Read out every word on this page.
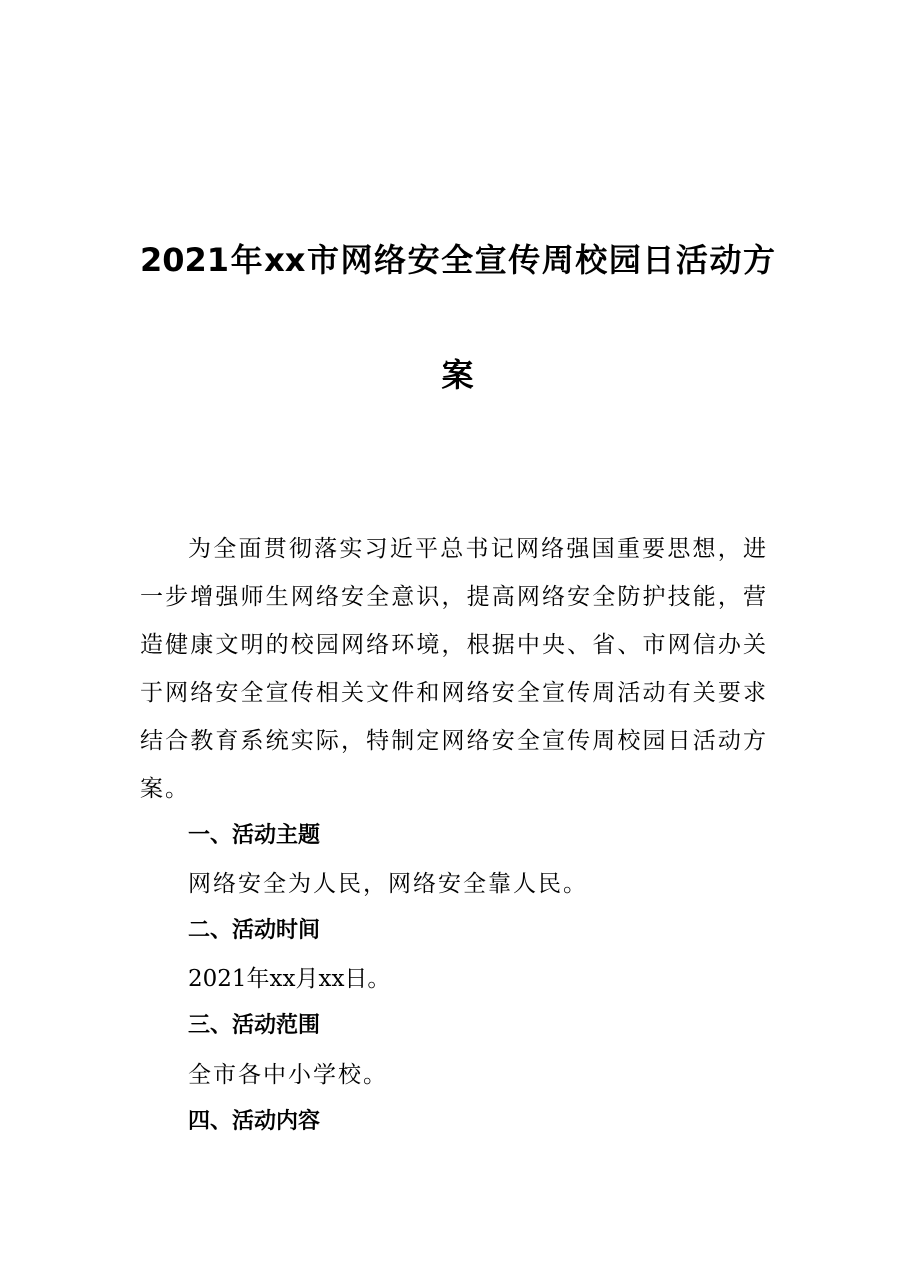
2021年xx市网络安全宣传周校园日活动方
案

为全面贯彻落实习近平总书记网络强国重要思想，进

一步增强师生网络安全意识，提高网络安全防护技能，营

造健康文明的校园网络环境，根据中央、省、市网信办关

于网络安全宣传相关文件和网络安全宣传周活动有关要求

结合教育系统实际，特制定网络安全宣传周校园日活动方

案。

一、活动主题

网络安全为人民，网络安全靠人民。

二、活动时间

2021年xx月xx日。

三、活动范围

全市各中小学校。

四、活动内容
